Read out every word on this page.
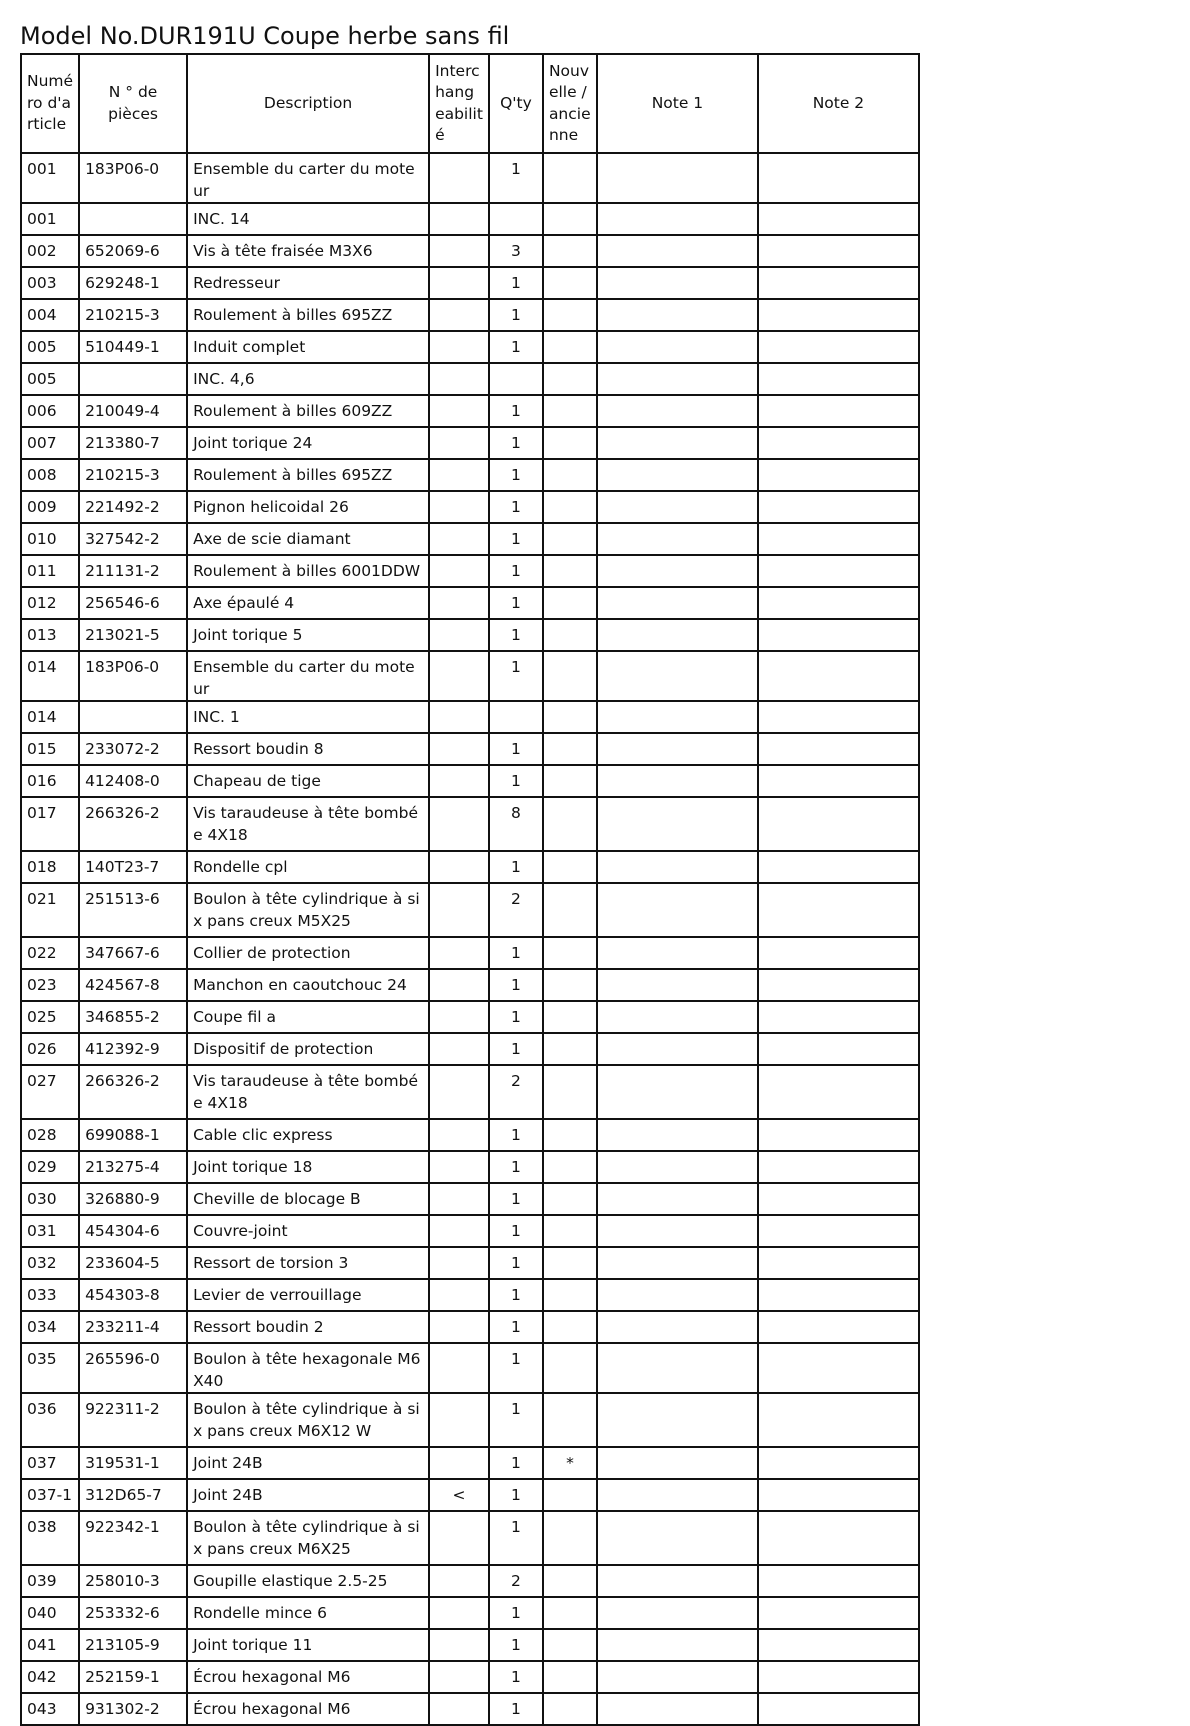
Model No.DUR191U Coupe herbe sans fil
Numé ro d'a rticle	N ° de pièces	Description	Interc hang eabilit é	Q'ty	Nouv elle / ancie nne	Note 1	Note 2
001	183P06-0	Ensemble du carter du moteur		1			
001		INC. 14					
002	652069-6	Vis à tête fraisée M3X6		3			
003	629248-1	Redresseur		1			
004	210215-3	Roulement à billes 695ZZ		1			
005	510449-1	Induit complet		1			
005		INC. 4,6					
006	210049-4	Roulement à billes 609ZZ		1			
007	213380-7	Joint torique 24		1			
008	210215-3	Roulement à billes 695ZZ		1			
009	221492-2	Pignon helicoidal 26		1			
010	327542-2	Axe de scie diamant		1			
011	211131-2	Roulement à billes 6001DDW		1			
012	256546-6	Axe épaulé 4		1			
013	213021-5	Joint torique 5		1			
014	183P06-0	Ensemble du carter du moteur		1			
014		INC. 1					
015	233072-2	Ressort boudin 8		1			
016	412408-0	Chapeau de tige		1			
017	266326-2	Vis taraudeuse à tête bombée 4X18		8			
018	140T23-7	Rondelle cpl		1			
021	251513-6	Boulon à tête cylindrique à six pans creux M5X25		2			
022	347667-6	Collier de protection		1			
023	424567-8	Manchon en caoutchouc 24		1			
025	346855-2	Coupe fil a		1			
026	412392-9	Dispositif de protection		1			
027	266326-2	Vis taraudeuse à tête bombée 4X18		2			
028	699088-1	Cable clic express		1			
029	213275-4	Joint torique 18		1			
030	326880-9	Cheville de blocage B		1			
031	454304-6	Couvre-joint		1			
032	233604-5	Ressort de torsion 3		1			
033	454303-8	Levier de verrouillage		1			
034	233211-4	Ressort boudin 2		1			
035	265596-0	Boulon à tête hexagonale M6X40		1			
036	922311-2	Boulon à tête cylindrique à six pans creux M6X12 W		1			
037	319531-1	Joint 24B		1	*		
037-1	312D65-7	Joint 24B	<	1			
038	922342-1	Boulon à tête cylindrique à six pans creux M6X25		1			
039	258010-3	Goupille elastique 2.5-25		2			
040	253332-6	Rondelle mince 6		1			
041	213105-9	Joint torique 11		1			
042	252159-1	Écrou hexagonal M6		1			
043	931302-2	Écrou hexagonal M6		1			
